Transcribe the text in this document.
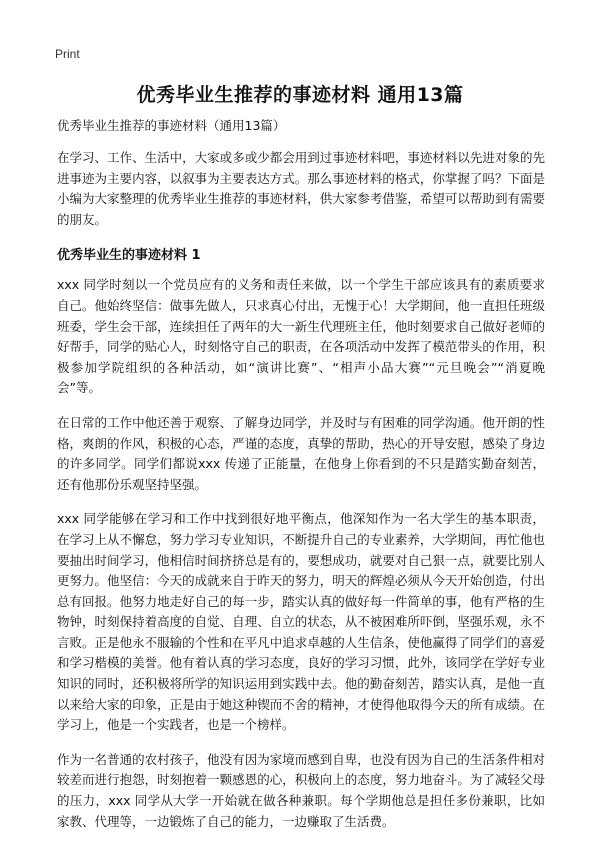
Print
优秀毕业生推荐的事迹材料 通用13篇

优秀毕业生推荐的事迹材料（通用13篇）

在学习、工作、生活中，大家或多或少都会用到过事迹材料吧，事迹材料以先进对象的先进事迹为主要内容，以叙事为主要表达方式。那么事迹材料的格式，你掌握了吗？下面是小编为大家整理的优秀毕业生推荐的事迹材料，供大家参考借鉴，希望可以帮助到有需要的朋友。

优秀毕业生的事迹材料 1

xxx 同学时刻以一个党员应有的义务和责任来做，以一个学生干部应该具有的素质要求自己。他始终坚信：做事先做人，只求真心付出，无愧于心！大学期间，他一直担任班级班委，学生会干部，连续担任了两年的大一新生代理班主任，他时刻要求自己做好老师的好帮手，同学的贴心人，时刻恪守自己的职责，在各项活动中发挥了模范带头的作用，积极参加学院组织的各种活动，如“演讲比赛”、“相声小品大赛”“元旦晚会”“消夏晚会”等。

在日常的工作中他还善于观察、了解身边同学，并及时与有困难的同学沟通。他开朗的性格，爽朗的作风，积极的心态，严谨的态度，真挚的帮助，热心的开导安慰，感染了身边的许多同学。同学们都说xxx 传递了正能量，在他身上你看到的不只是踏实勤奋刻苦，还有他那份乐观坚持坚强。

xxx 同学能够在学习和工作中找到很好地平衡点，他深知作为一名大学生的基本职责，在学习上从不懈怠，努力学习专业知识，不断提升自己的专业素养，大学期间，再忙他也要抽出时间学习，他相信时间挤挤总是有的，要想成功，就要对自己狠一点，就要比别人更努力。他坚信：今天的成就来自于昨天的努力，明天的辉煌必须从今天开始创造，付出总有回报。他努力地走好自己的每一步，踏实认真的做好每一件简单的事，他有严格的生物钟，时刻保持着高度的自觉、自理、自立的状态，从不被困难所吓倒，坚强乐观，永不言败。正是他永不服输的个性和在平凡中追求卓越的人生信条，使他赢得了同学们的喜爱和学习楷模的美誉。他有着认真的学习态度，良好的学习习惯，此外，该同学在学好专业知识的同时，还积极将所学的知识运用到实践中去。他的勤奋刻苦，踏实认真，是他一直以来给大家的印象，正是由于她这种锲而不舍的精神，才使得他取得今天的所有成绩。在学习上，他是一个实践者，也是一个榜样。

作为一名普通的农村孩子，他没有因为家境而感到自卑，也没有因为自己的生活条件相对较差而进行抱怨，时刻抱着一颗感恩的心，积极向上的态度，努力地奋斗。为了减轻父母的压力，xxx 同学从大学一开始就在做各种兼职。每个学期他总是担任多份兼职，比如家教、代理等，一边锻炼了自己的能力，一边赚取了生活费。
